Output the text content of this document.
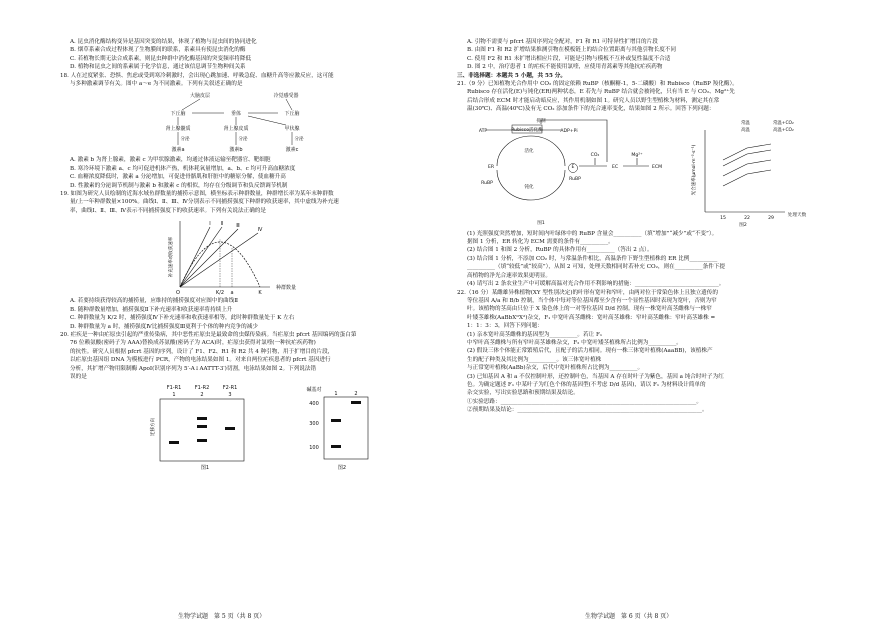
A. 昆虫消化酶结构变异是基因突变的结果，体现了植物与昆虫间的协同进化
B. 烟草系素合成过程体现了生物膜间的联系，系素具有使昆虫消化的酶
C. 若植物长期无法合成系素，则昆虫种群中消化酶基因的突变频率将降低
D. 植物和昆虫之间的系素属于化学信息，通过该信息调节生物种间关系
18. 人在过度紧张、恐惧、焦虑或受到寒冷刺激时，会出现心跳加速、呼吸急促、血糖升高等应激反应，这可能
与多种激素调节有关。图中 a～e 为不同激素。下列有关叙述正确的是
大脑皮层	冷觉感受器
下丘脑	垂体	下丘脑
肾上腺髓质	肾上腺皮质	甲状腺
激素a	激素b	激素c
分泌	分泌	分泌
A. 激素 b 为肾上腺素，激素 c 为甲状腺激素，均通过体液运输至靶器官、靶细胞
B. 寒冷环境下激素 a、c 均可促进机体产热，机体耗氧量增加，a、b、c 均可升高血糖浓度
C. 血糖浓度降低时，激素 a 分泌增加，可促进骨骼肌和肝脏中的糖原分解，使血糖升高
D. 性激素的分泌调节机制与激素 b 和激素 c 的相似，均存在分级调节和负反馈调节机制
19. 如图为研究人员绘制的近海水域鱼群数量的捕捞示意图，横坐标表示种群数量，种群增长率为某年末种群数
量/上一年种群数量×100%。曲线Ⅰ、Ⅱ、Ⅲ、Ⅳ分别表示不同捕捞强度下种群的收获速率，其中虚线为补充速
率，曲线Ⅰ、Ⅱ、Ⅲ、Ⅳ表示不同捕捞强度下的收获速率。下列有关说法正确的是
补充速率或收获速率
Ⅰ Ⅱ	Ⅲ
Ⅳ
O	K/2 a	K
种群数量
A. 若要持续获得较高的捕捞量，应维持的捕捞强度对应图中的曲线Ⅱ
B. 随种群数量增加，捕捞强度Ⅱ下补充速率和收获速率将持续上升
C. 种群数量为 K/2 时，捕捞强度Ⅳ下补充速率和收获速率相等，此时种群数量处于 K 左右
D. 种群数量为 a 时，捕捞强度Ⅳ比捕捞强度Ⅲ更利于个体的种内竞争的减少
20. 疟疾是一种由疟原虫引起的严重传染病，其中恶性疟原虫是最致命的虫媒传染病。当疟原虫 pfcrt 基因编码的蛋白第
76 位赖氨酸(密码子为 AAA)替换成苏氨酸(密码子为 ACA)时，疟原虫获得对氯喹(一种抗疟疾药物)
的抗性。研究人员根据 pfcrt 基因的序列，设计了 F1、F2、R1 和 R2 共 4 种引物，用于扩增目的片段，
以疟原虫基因组 DNA 为模板进行 PCR，产物的电泳结果如图 1。对来自两位疟疾患者的 pfcrt 基因进行
分析，其扩增产物用限制酶 ApoⅠ(识别序列为 5′-A↓AATTT-3′)切割，电泳结果如图 2。下列说法错
误的是
F1-R1	F1-R2	F2-R1
1	2	3
图1
碱基对
400
300
100
1	2
图2
迁移方向
生物学试题　第 5 页（共 8 页）
A. 引物不需要与 pfcrt 基因序列完全配对，F1 和 R1 可特异性扩增目的片段
B. 由图 F1 和 R2 扩增结果推测引物在模板链上的结合位置距离与其他引物长度不同
C. 使用 F2 和 R1 未扩增出相应片段，可能是引物与模板不互补或复性温度不合适
D. 图 2 中，治疗患者 1 的疟疾不能使用氯喹，应使用青蒿素等其他抗疟疾药物
三、非选择题：本题共 5 小题，共 55 分。
21.（9 分）已知植物光合作用中 CO₂ 的固定依赖 RuBP（核酮糖-1，5-二磷酸）和 Rubisco（RuBP 羧化酶）。
Rubisco 存在活化(E)与钝化(ER)两种状态，E 若先与 RuBP 结合就会被钝化，只有当 E 与 CO₂、Mg²⁺先
后结合形成 ECM 时才能启动暗反应，其作用机制如图 1。研究人员以野生型植株为材料，测定其在常
温(30℃)、高温(40℃)及有无 CO₂ 添加条件下的光合速率变化，结果如图 2 所示。回答下列问题：
抑制
ATP	Rubisco活化酶	ADP+Pi
活化
ER
钝化
E	EC	ECM
CO₂	Mg²⁺
RuBP
RuBP
图1
光合速率(μmol·m⁻²·s⁻¹)
15	22	29
处理天数
图2
常温	常温+CO₂
高温	高温+CO₂
(1) 光照强度突然增加，短时间内叶绿体中的 RuBP 含量会__________（填“增加”“减少”或“不变”）。
据图 1 分析，ER 转化为 ECM 需要的条件有__________。
(2) 结合图 1 和图 2 分析，RuBP 的具体作用有__________（答出 2 点）。
(3) 结合图 1 分析，不添加 CO₂ 时，与常温条件相比，高温条件下野生型植株的 ER 比例__________
__________（填“较低”或“较高”），从图 2 可知，处理天数相同时若补充 CO₂，则在__________条件下提
高植物的净光合速率效果更明显。
(4) 请写出 2 条农业生产中可缓解高温对光合作用不利影响的措施：______________________________。
22.（16 分）某雌雄异株植物(XY 型性别决定)的叶形有宽叶和窄叶，由两对位于常染色体上且独立遗传的
等位基因 A/a 和 B/b 控制，当个体中每对等位基因都至少含有一个显性基因时表现为宽叶，否则为窄
叶。该植物的茎高由只位于 X 染色体上的一对等位基因 D/d 控制。现有一株宽叶高茎雌株与一株窄
叶矮茎雄株(AaBbXᴰXᵈ)杂交，F₁ 中宽叶高茎雌株：宽叶高茎雄株：窄叶高茎雌株：窄叶高茎雄株 =
1：1：3：3，回答下列问题：
(1) 亲本宽叶高茎雌株的基因型为__________。若让 F₁
中窄叶高茎雌株与所有窄叶高茎雄株杂交，F₂ 中宽叶矮茎植株所占比例为__________。
(2) 假设三体个体能正常繁殖后代，且配子的活力相同。现有一株三体宽叶植株(AaaBB)，该植株产
生的配子种类及其比例为__________。该三体宽叶植株
与正常宽叶植株(AaBb)杂交，后代中宽叶植株所占比例为__________。
(3) 已知基因 A 和 a 不仅控制叶形，还控制叶色，当基因 A 存在时叶子为紫色，基因 a 纯合时叶子为红
色。为确定题述 F₁ 中某叶子为红色个体的基因型(不考虑 D/d 基因)，请以 F₁ 为材料设计简单的
杂交实验，写出实验思路和预期结果及结论。
①实验思路：______________________________________________________________________。
②预期结果及结论：__________________________________________________________________。
生物学试题　第 6 页（共 8 页）
